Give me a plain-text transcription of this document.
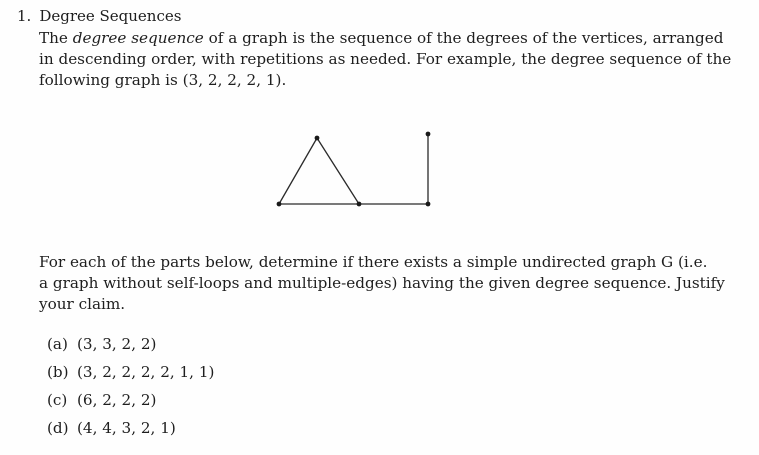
1. Degree Sequences
The degree sequence of a graph is the sequence of the degrees of the vertices, arranged
in descending order, with repetitions as needed. For example, the degree sequence of the
following graph is (3, 2, 2, 2, 1).
For each of the parts below, determine if there exists a simple undirected graph G (i.e.
a graph without self-loops and multiple-edges) having the given degree sequence. Justify
your claim.
(a) (3, 3, 2, 2)
(b) (3, 2, 2, 2, 2, 1, 1)
(c) (6, 2, 2, 2)
(d) (4, 4, 3, 2, 1)
